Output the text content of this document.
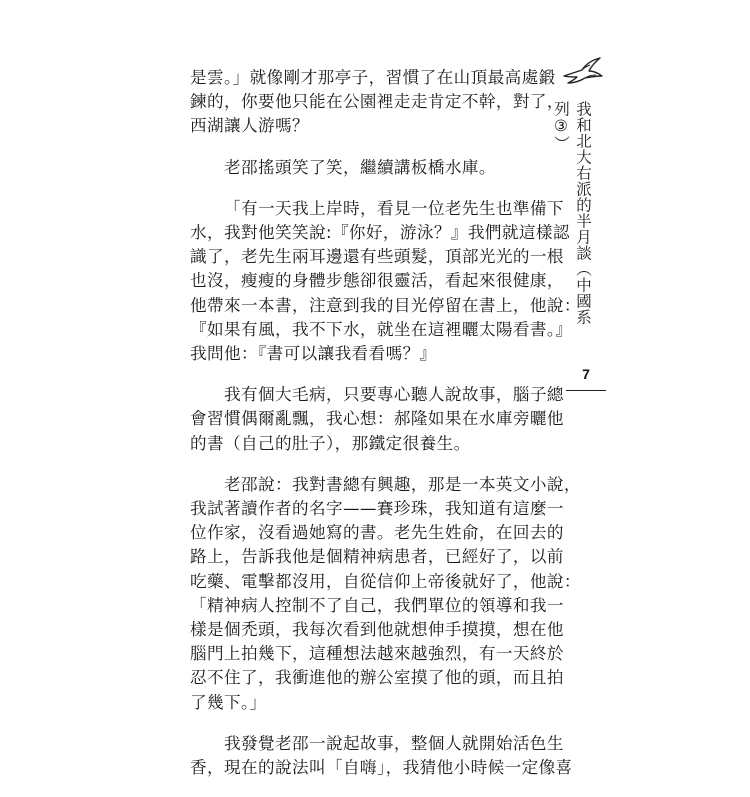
我和北大右派的半月談（中國系列③）
7

是雲。」就像剛才那亭子，習慣了在山頂最高處鍛
鍊的，你要他只能在公園裡走走肯定不幹，對了，
西湖讓人游嗎？

老邵搖頭笑了笑，繼續講板橋水庫。

「有一天我上岸時，看見一位老先生也準備下
水，我對他笑笑說:『你好，游泳？』我們就這樣認
識了，老先生兩耳邊還有些頭髮，頂部光光的一根
也沒，瘦瘦的身體步態卻很靈活，看起來很健康，
他帶來一本書，注意到我的目光停留在書上，他說：
『如果有風，我不下水，就坐在這裡曬太陽看書。』
我問他：『書可以讓我看看嗎？』

我有個大毛病，只要專心聽人說故事，腦子總
會習慣偶爾亂飄，我心想：郝隆如果在水庫旁曬他
的書（自己的肚子），那鐵定很養生。

老邵說：我對書總有興趣，那是一本英文小說，
我試著讀作者的名字——賽珍珠，我知道有這麼一
位作家，沒看過她寫的書。老先生姓俞，在回去的
路上，告訴我他是個精神病患者，已經好了，以前
吃藥、電擊都沒用，自從信仰上帝後就好了，他說：
「精神病人控制不了自己，我們單位的領導和我一
樣是個禿頭，我每次看到他就想伸手摸摸，想在他
腦門上拍幾下，這種想法越來越強烈，有一天終於
忍不住了，我衝進他的辦公室摸了他的頭，而且拍
了幾下。」

我發覺老邵一說起故事，整個人就開始活色生
香，現在的說法叫「自嗨」，我猜他小時候一定像喜
